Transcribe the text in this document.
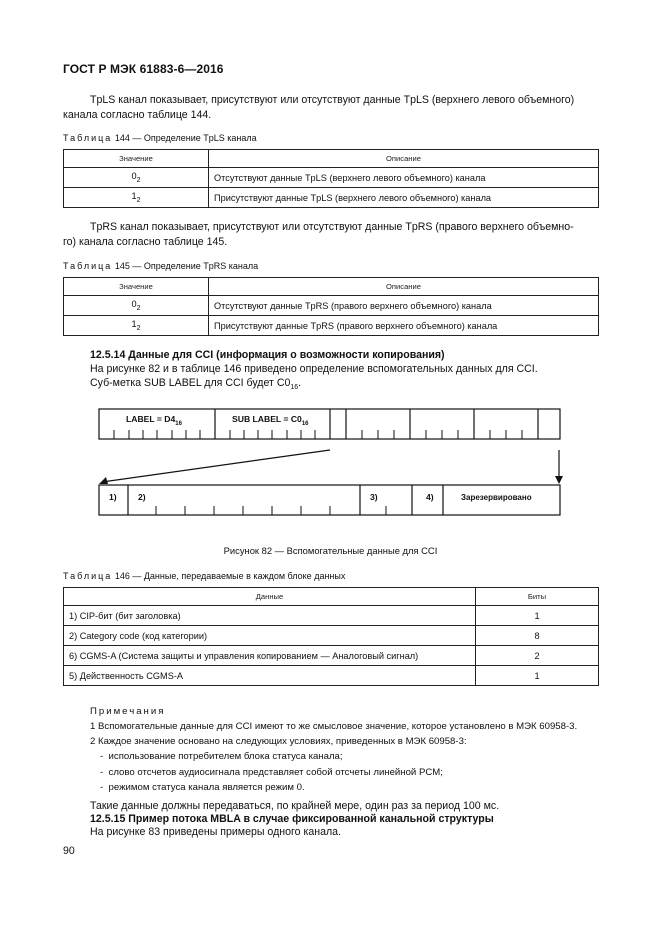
ГОСТ Р МЭК 61883-6—2016
TpLS канал показывает, присутствуют или отсутствуют данные TpLS (верхнего левого объемного)
канала согласно таблице 144.
Таблица 144 — Определение TpLS канала
Значение	Описание
$0_2$	Отсутствуют данные TpLS (верхнего левого объемного) канала
$1_2$	Присутствуют данные TpLS (верхнего левого объемного) канала
TpRS канал показывает, присутствуют или отсутствуют данные TpRS (правого верхнего объемно-
го) канала согласно таблице 145.
Таблица 145 — Определение TpRS канала
Значение	Описание
$0_2$	Отсутствуют данные TpRS (правого верхнего объемного) канала
$1_2$	Присутствуют данные TpRS (правого верхнего объемного) канала
12.5.14 Данные для CCI (информация о возможности копирования)
На рисунке 82 и в таблице 146 приведено определение вспомогательных данных для CCI.
Суб-метка SUB LABEL для CCI будет $C0_{16}$.
LABEL = $D4_{16}$	SUB LABEL = $C0_{16}$
1) 2)	3)	4)	Зарезервировано
Рисунок 82 — Вспомогательные данные для CCI
Таблица 146 — Данные, передаваемые в каждом блоке данных
Данные	Биты
1) CIP-бит (бит заголовка)	1
2) Category code (код категории)	8
6) CGMS-A (Система защиты и управления копированием — Аналоговый сигнал)	2
5) Действенность CGMS-A	1
Примечания
1 Вспомогательные данные для CCI имеют то же смысловое значение, которое установлено в МЭК 60958-3.
2 Каждое значение основано на следующих условиях, приведенных в МЭК 60958-3:
- использование потребителем блока статуса канала;
- слово отсчетов аудиосигнала представляет собой отсчеты линейной PCM;
- режимом статуса канала является режим 0.
Такие данные должны передаваться, по крайней мере, один раз за период 100 мс.
12.5.15 Пример потока MBLA в случае фиксированной канальной структуры
На рисунке 83 приведены примеры одного канала.
90
